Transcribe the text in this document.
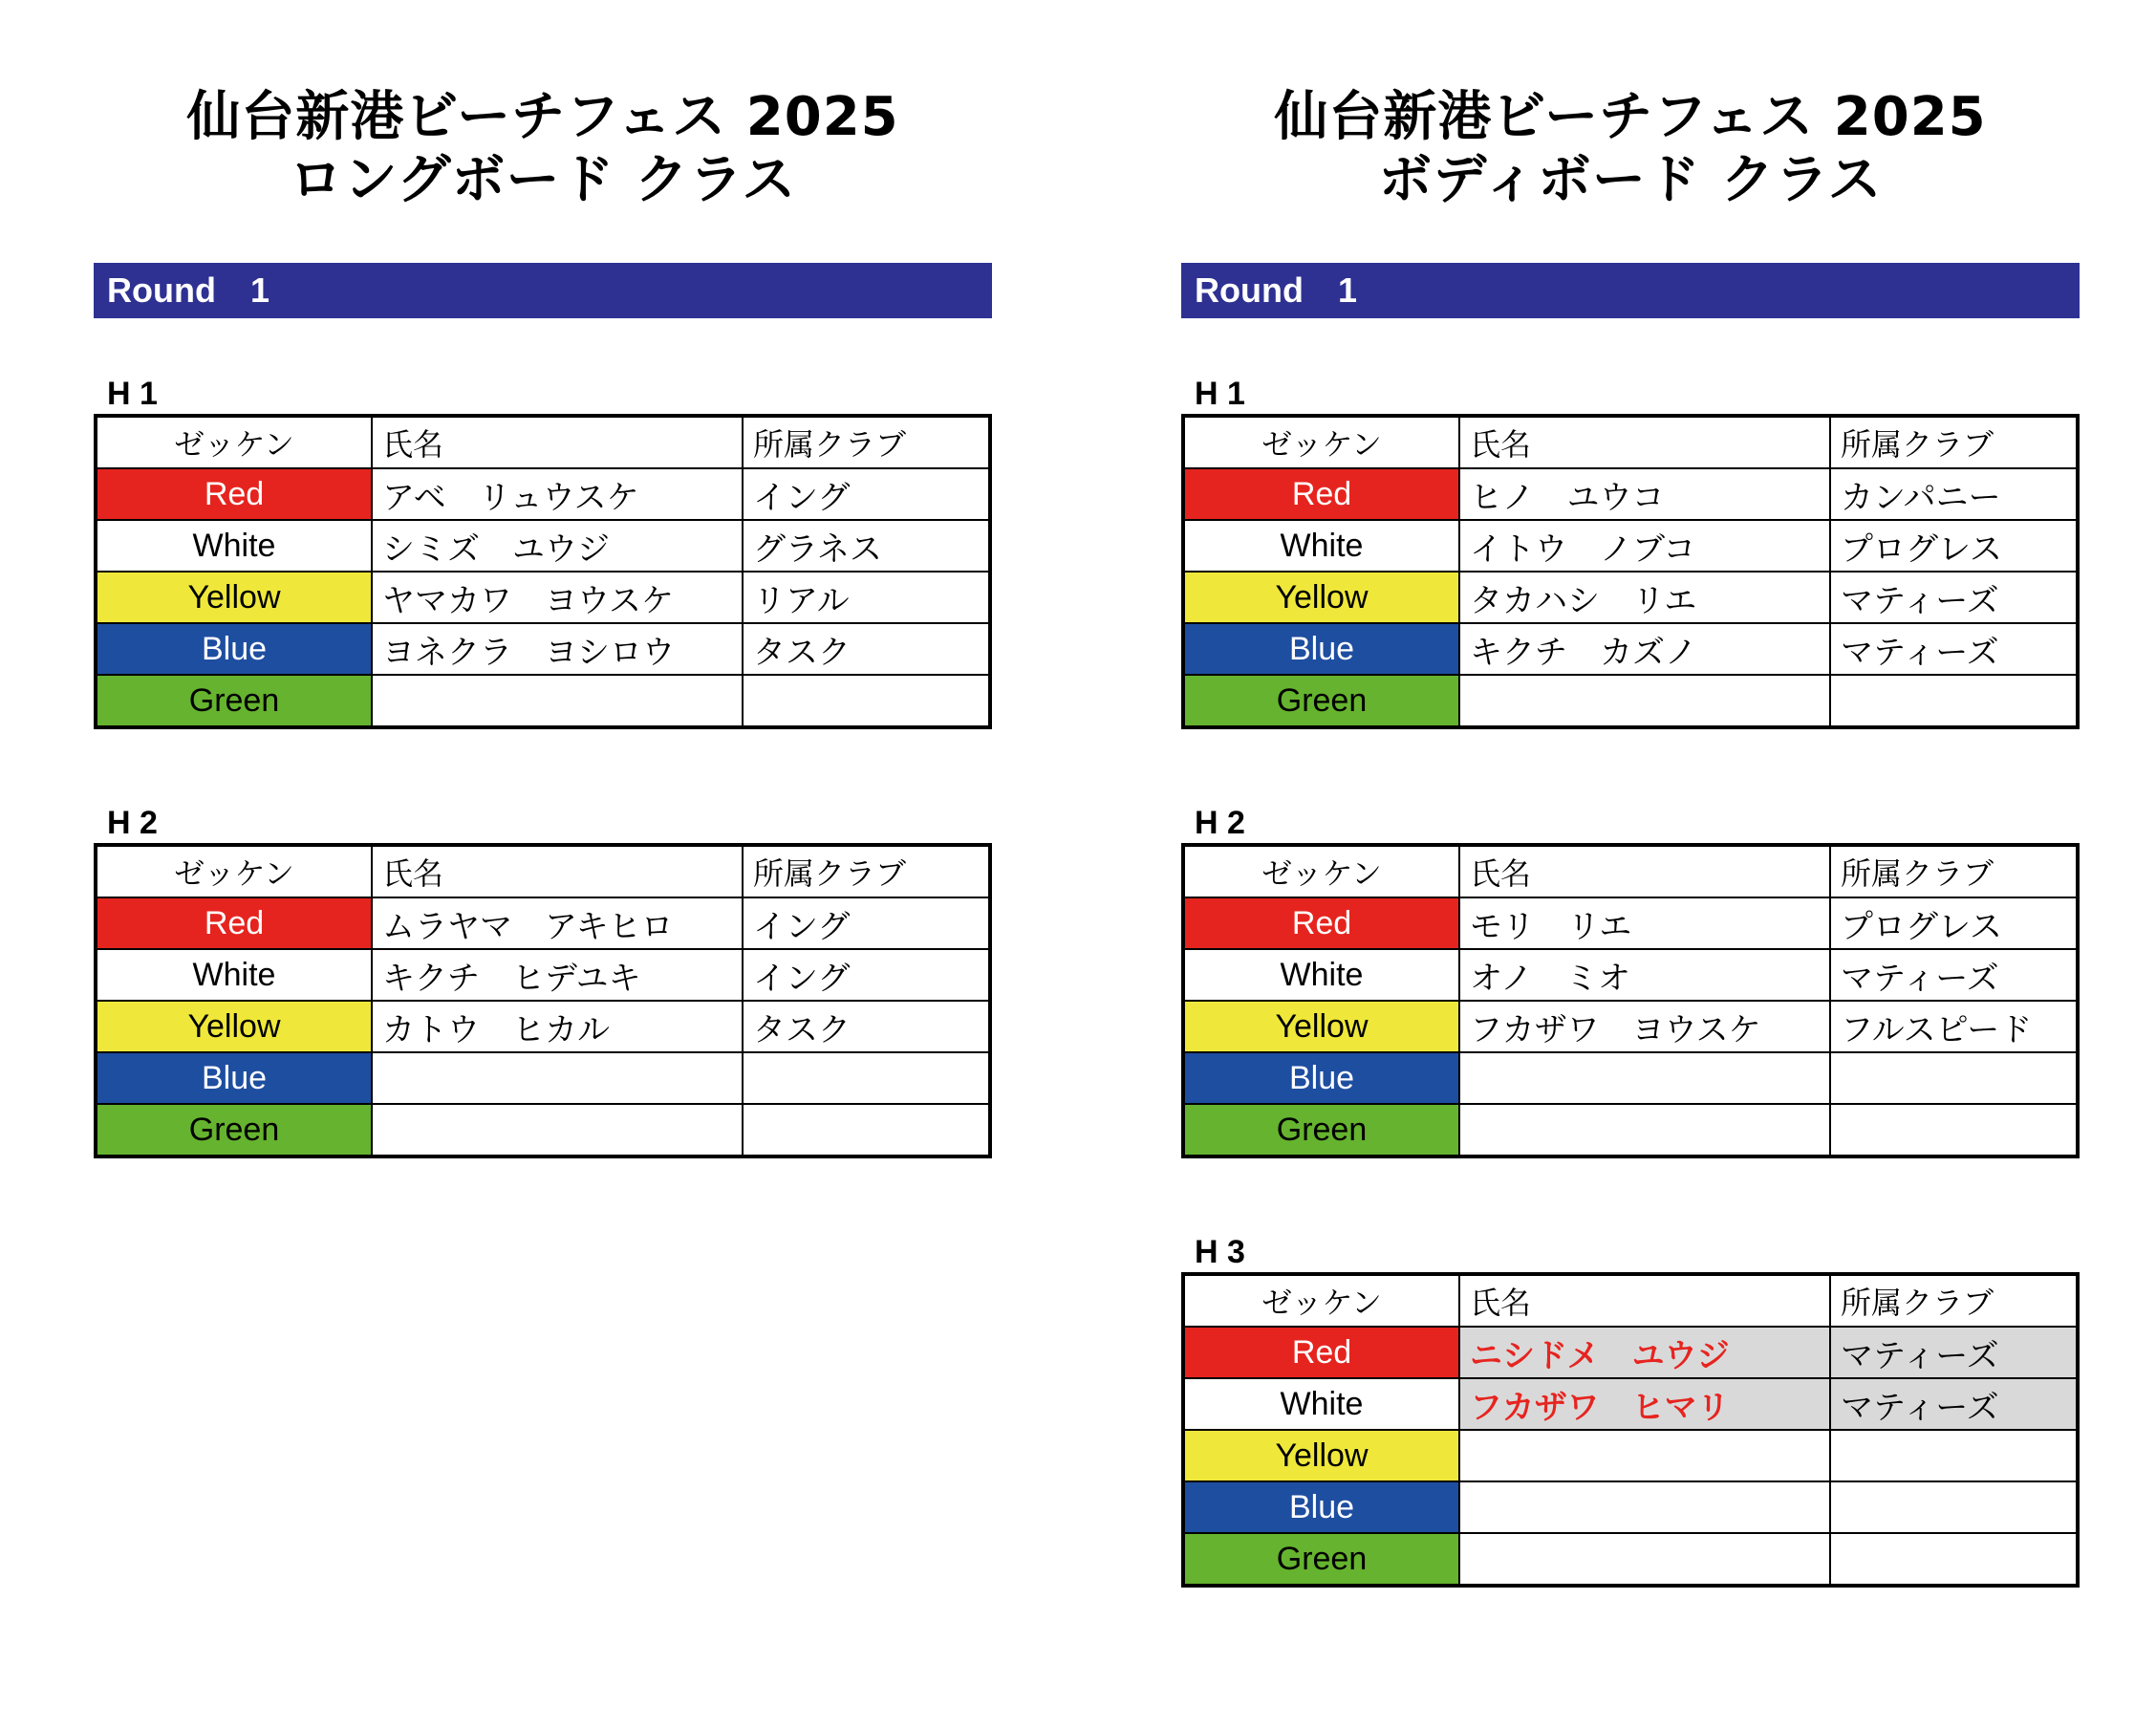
仙台新港ビーチフェス 2025
ロングボード クラス
Round　1
H 1
ゼッケン	氏名	所属クラブ
Red	アベ　リュウスケ	イング
White	シミズ　ユウジ	グラネス
Yellow	ヤマカワ　ヨウスケ	リアル
Blue	ヨネクラ　ヨシロウ	タスク
Green		
H 2
ゼッケン	氏名	所属クラブ
Red	ムラヤマ　アキヒロ	イング
White	キクチ　ヒデユキ	イング
Yellow	カトウ　ヒカル	タスク
Blue		
Green		
仙台新港ビーチフェス 2025
ボディボード クラス
Round　1
H 1
ゼッケン	氏名	所属クラブ
Red	ヒノ　ユウコ	カンパニー
White	イトウ　ノブコ	プログレス
Yellow	タカハシ　リエ	マティーズ
Blue	キクチ　カズノ	マティーズ
Green		
H 2
ゼッケン	氏名	所属クラブ
Red	モリ　リエ	プログレス
White	オノ　ミオ	マティーズ
Yellow	フカザワ　ヨウスケ	フルスピード
Blue		
Green		
H 3
ゼッケン	氏名	所属クラブ
Red	ニシドメ　ユウジ	マティーズ
White	フカザワ　ヒマリ	マティーズ
Yellow		
Blue		
Green		
